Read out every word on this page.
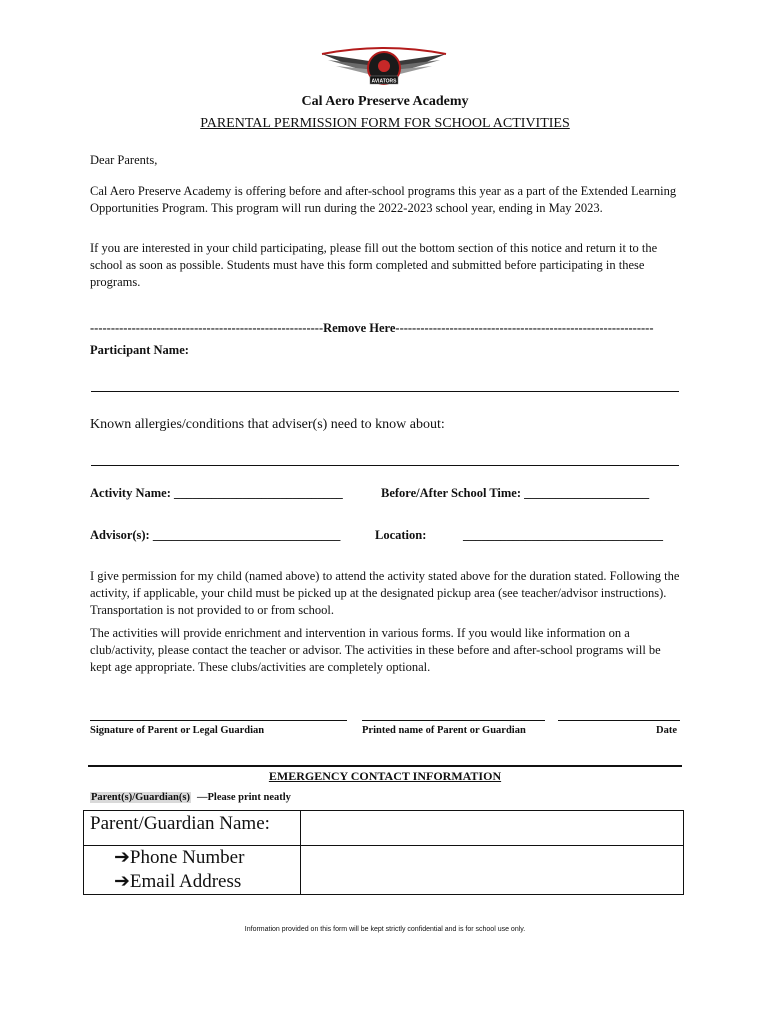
AVIATORS
Cal Aero Preserve Academy
PARENTAL PERMISSION FORM FOR SCHOOL ACTIVITIES
Dear Parents,
Cal Aero Preserve Academy is offering before and after-school programs this year as a part of the Extended Learning Opportunities Program. This program will run during the 2022-2023 school year, ending in May 2023.
If you are interested in your child participating, please fill out the bottom section of this notice and return it to the school as soon as possible. Students must have this form completed and submitted before participating in these programs.
--------------------------------------------------------Remove Here--------------------------------------------------------------
Participant Name:
Known allergies/conditions that adviser(s) need to know about:
Activity Name: ___________________________	Before/After School Time: ____________________
Advisor(s): ______________________________	Location:	________________________________
I give permission for my child (named above) to attend the activity stated above for the duration stated. Following the activity, if applicable, your child must be picked up at the designated pickup area (see teacher/advisor instructions). Transportation is not provided to or from school.
The activities will provide enrichment and intervention in various forms. If you would like information on a club/activity, please contact the teacher or advisor. The activities in these before and after-school programs will be kept age appropriate. These clubs/activities are completely optional.
Signature of Parent or Legal Guardian	Printed name of Parent or Guardian	Date
EMERGENCY CONTACT INFORMATION
Parent(s)/Guardian(s) —Please print neatly
Parent/Guardian Name:	

➔Phone Number
➔Email Address	

Information provided on this form will be kept strictly confidential and is for school use only.
